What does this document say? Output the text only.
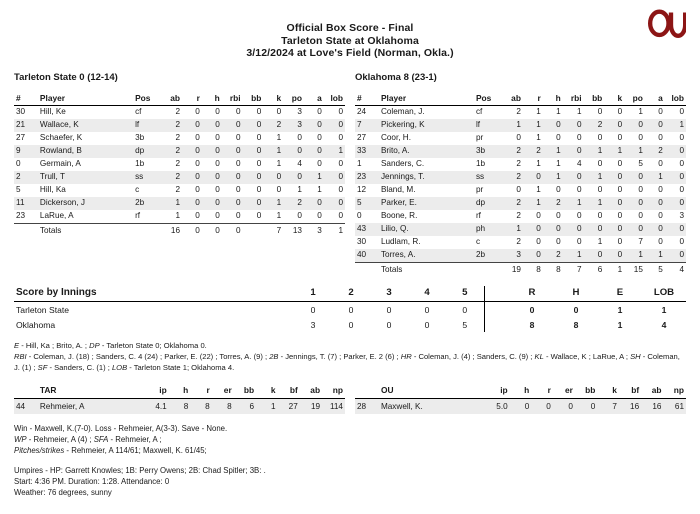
Official Box Score - Final
Tarleton State at Oklahoma
3/12/2024 at Love's Field (Norman, Okla.)
Tarleton State 0 (12-14)
#	Player	Pos	ab	r	h	rbi	bb	k	po	a	lob
30	Hill, Ke	cf	2	0	0	0	0	0	3	0	0
21	Wallace, K	lf	2	0	0	0	0	2	3	0	0
27	Schaefer, K	3b	2	0	0	0	0	1	0	0	0
9	Rowland, B	dp	2	0	0	0	0	1	0	0	1
0	Germain, A	1b	2	0	0	0	0	1	4	0	0
2	Trull, T	ss	2	0	0	0	0	0	0	1	0
5	Hill, Ka	c	2	0	0	0	0	0	1	1	0
11	Dickerson, J	2b	1	0	0	0	0	1	2	0	0
23	LaRue, A	rf	1	0	0	0	0	1	0	0	0
	Totals		16	0	0	0		7	13	3	1
Oklahoma 8 (23-1)
#	Player	Pos	ab	r	h	rbi	bb	k	po	a	lob
24	Coleman, J.	cf	2	1	1	1	0	0	1	0	0
7	Pickering, K	lf	1	1	0	0	2	0	0	0	1
27	Coor, H.	pr	0	1	0	0	0	0	0	0	0
33	Brito, A.	3b	2	2	1	0	1	1	1	2	0
1	Sanders, C.	1b	2	1	1	4	0	0	5	0	0
23	Jennings, T.	ss	2	0	1	0	1	0	0	1	0
12	Bland, M.	pr	0	1	0	0	0	0	0	0	0
5	Parker, E.	dp	2	1	2	1	1	0	0	0	0
0	Boone, R.	rf	2	0	0	0	0	0	0	0	3
43	Lilio, Q.	ph	1	0	0	0	0	0	0	0	0
30	Ludlam, R.	c	2	0	0	0	1	0	7	0	0
40	Torres, A.	2b	3	0	2	1	0	0	1	1	0
	Totals		19	8	8	7	6	1	15	5	4
Score by Innings	1	2	3	4	5		R	H	E	LOB
Tarleton State	0	0	0	0	0		0	0	1	1
Oklahoma	3	0	0	0	5		8	8	1	4

E - Hill, Ka ; Brito, A. ; DP - Tarleton State 0; Oklahoma 0.

RBI - Coleman, J. (18) ; Sanders, C. 4 (24) ; Parker, E. (22) ; Torres, A. (9) ; 2B - Jennings, T. (7) ; Parker, E. 2 (6) ; HR - Coleman, J. (4) ; Sanders, C. (9) ; KL - Wallace, K ; LaRue, A ; SH - Coleman, J. (1) ; SF - Sanders, C. (1) ; LOB - Tarleton State 1; Oklahoma 4.

	TAR	ip	h	r	er	bb	k	bf	ab	np
44	Rehmeier, A	4.1	8	8	8	6	1	27	19	114
	OU	ip	h	r	er	bb	k	bf	ab	np
28	Maxwell, K.	5.0	0	0	0	0	7	16	16	61

Win - Maxwell, K.(7-0). Loss - Rehmeier, A(3-3). Save - None.

WP - Rehmeier, A (4) ; SFA - Rehmeier, A ;

Pitches/strikes - Rehmeier, A 114/61; Maxwell, K. 61/45;

Umpires - HP: Garrett Knowles; 1B: Perry Owens; 2B: Chad Spitler; 3B: .

Start: 4:36 PM. Duration: 1:28. Attendance: 0

Weather: 76 degrees, sunny
